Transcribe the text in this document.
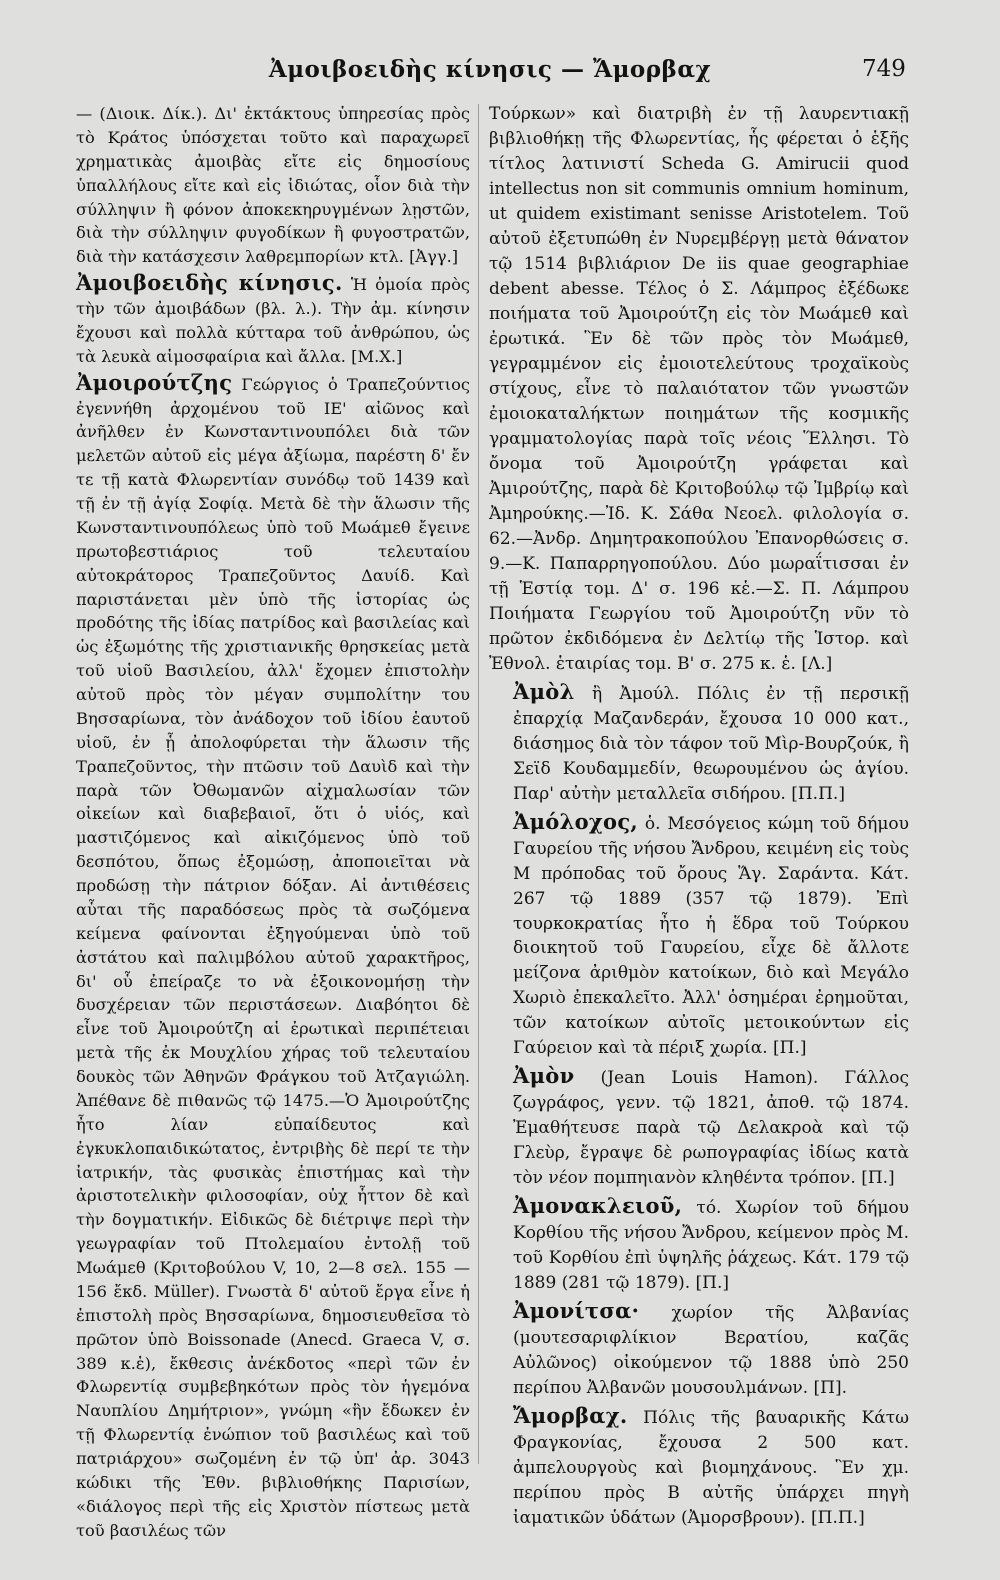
Ἀμοιβοειδὴς κίνησις — Ἄμορβαχ	749

— (Διοικ. Δίκ.). Δι' ἐκτάκτους ὑπηρεσίας πρὸς τὸ Κράτος ὑπόσχεται τοῦτο καὶ παραχωρεῖ χρηματικὰς ἀμοιβὰς εἴτε εἰς δημοσίους ὑπαλλήλους εἴτε καὶ εἰς ἰδιώτας, οἷον διὰ τὴν σύλληψιν ἢ φόνον ἀποκεκηρυγμένων λῃστῶν, διὰ τὴν σύλληψιν φυγοδίκων ἢ φυγοστρατῶν, διὰ τὴν κατάσχεσιν λαθρεμπορίων κτλ. [Ἀγγ.]

Ἀμοιβοειδὴς κίνησις. Ἡ ὁμοία πρὸς τὴν τῶν ἀμοιβάδων (βλ. λ.). Τὴν ἀμ. κίνησιν ἔχουσι καὶ πολλὰ κύτταρα τοῦ ἀνθρώπου, ὡς τὰ λευκὰ αἱμοσφαίρια καὶ ἄλλα. [Μ.Χ.]

Ἀμοιρούτζης Γεώργιος ὁ Τραπεζούντιος ἐγεννήθη ἀρχομένου τοῦ ΙΕ' αἰῶνος καὶ ἀνῆλθεν ἐν Κωνσταντινουπόλει διὰ τῶν μελετῶν αὐτοῦ εἰς μέγα ἀξίωμα, παρέστη δ' ἔν τε τῇ κατὰ Φλωρεντίαν συνόδῳ τοῦ 1439 καὶ τῇ ἐν τῇ ἁγίᾳ Σοφίᾳ. Μετὰ δὲ τὴν ἅλωσιν τῆς Κωνσταντινουπόλεως ὑπὸ τοῦ Μωάμεθ ἔγεινε πρωτοβεστιάριος τοῦ τελευταίου αὐτοκράτορος Τραπεζοῦντος Δαυίδ. Καὶ παριστάνεται μὲν ὑπὸ τῆς ἱστορίας ὡς προδότης τῆς ἰδίας πατρίδος καὶ βασιλείας καὶ ὡς ἐξωμότης τῆς χριστιανικῆς θρησκείας μετὰ τοῦ υἱοῦ Βασιλείου, ἀλλ' ἔχομεν ἐπιστολὴν αὐτοῦ πρὸς τὸν μέγαν συμπολίτην του Βησσαρίωνα, τὸν ἀνάδοχον τοῦ ἰδίου ἑαυτοῦ υἱοῦ, ἐν ᾗ ἀπολοφύρεται τὴν ἅλωσιν τῆς Τραπεζοῦντος, τὴν πτῶσιν τοῦ Δαυὶδ καὶ τὴν παρὰ τῶν Ὀθωμανῶν αἰχμαλωσίαν τῶν οἰκείων καὶ διαβεβαιοῖ, ὅτι ὁ υἱός, καὶ μαστιζόμενος καὶ αἰκιζόμενος ὑπὸ τοῦ δεσπότου, ὅπως ἐξομώσῃ, ἀποποιεῖται νὰ προδώσῃ τὴν πάτριον δόξαν. Αἱ ἀντιθέσεις αὗται τῆς παραδόσεως πρὸς τὰ σωζόμενα κείμενα φαίνονται ἐξηγούμεναι ὑπὸ τοῦ ἀστάτου καὶ παλιμβόλου αὐτοῦ χαρακτῆρος, δι' οὗ ἐπείραζε το νὰ ἐξοικονομήσῃ τὴν δυσχέρειαν τῶν περιστάσεων. Διαβόητοι δὲ εἶνε τοῦ Ἀμοιρούτζη αἱ ἐρωτικαὶ περιπέτειαι μετὰ τῆς ἐκ Μουχλίου χήρας τοῦ τελευταίου δουκὸς τῶν Ἀθηνῶν Φράγκου τοῦ Ἀτζαγιώλη. Ἀπέθανε δὲ πιθανῶς τῷ 1475.—Ὁ Ἀμοιρούτζης ἦτο λίαν εὐπαίδευτος καὶ ἐγκυκλοπαιδικώτατος, ἐντριβὴς δὲ περί τε τὴν ἰατρικήν, τὰς φυσικὰς ἐπιστήμας καὶ τὴν ἀριστοτελικὴν φιλοσοφίαν, οὐχ ἧττον δὲ καὶ τὴν δογματικήν. Εἰδικῶς δὲ διέτριψε περὶ τὴν γεωγραφίαν τοῦ Πτολεμαίου ἐντολῇ τοῦ Μωάμεθ (Κριτοβούλου V, 10, 2—8 σελ. 155 — 156 ἔκδ. Müller). Γνωστὰ δ' αὐτοῦ ἔργα εἶνε ἡ ἐπιστολὴ πρὸς Βησσαρίωνα, δημοσιευθεῖσα τὸ πρῶτον ὑπὸ Boissonade (Anecd. Graeca V, σ. 389 κ.ἑ), ἔκθεσις ἀνέκδοτος «περὶ τῶν ἐν Φλωρεντίᾳ συμβεβηκότων πρὸς τὸν ἡγεμόνα Ναυπλίου Δημήτριον», γνώμη «ἣν ἔδωκεν ἐν τῇ Φλωρεντίᾳ ἐνώπιον τοῦ βασιλέως καὶ τοῦ πατριάρχου» σωζομένη ἐν τῷ ὑπ' ἀρ. 3043 κώδικι τῆς Ἐθν. βιβλιοθήκης Παρισίων, «διάλογος περὶ τῆς εἰς Χριστὸν πίστεως μετὰ τοῦ βασιλέως τῶν

Τούρκων» καὶ διατριβὴ ἐν τῇ λαυρεντιακῇ βιβλιοθήκῃ τῆς Φλωρεντίας, ἧς φέρεται ὁ ἑξῆς τίτλος λατινιστί Scheda G. Amirucii quod intellectus non sit communis omnium hominum, ut quidem existimant senisse Aristotelem. Τοῦ αὐτοῦ ἐξετυπώθη ἐν Νυρεμβέργῃ μετὰ θάνατον τῷ 1514 βιβλιάριον De iis quae geographiae debent abesse. Τέλος ὁ Σ. Λάμπρος ἐξέδωκε ποιήματα τοῦ Ἀμοιρούτζη εἰς τὸν Μωάμεθ καὶ ἐρωτικά. Ἓν δὲ τῶν πρὸς τὸν Μωάμεθ, γεγραμμένον εἰς ἐμοιοτελεύτους τροχαϊκοὺς στίχους, εἶνε τὸ παλαιότατον τῶν γνωστῶν ἐμοιοκαταλήκτων ποιημάτων τῆς κοσμικῆς γραμματολογίας παρὰ τοῖς νέοις Ἕλλησι. Τὸ ὄνομα τοῦ Ἀμοιρούτζη γράφεται καὶ Ἀμιρούτζης, παρὰ δὲ Κριτοβούλῳ τῷ Ἰμβρίῳ καὶ Ἀμηρούκης.—Ἰδ. Κ. Σάθα Νεοελ. φιλολογία σ. 62.—Ἀνδρ. Δημητρακοπούλου Ἐπανορθώσεις σ. 9.—Κ. Παπαρρηγοπούλου. Δύο μωραΐτισσαι ἐν τῇ Ἑστίᾳ τομ. Δ' σ. 196 κἑ.—Σ. Π. Λάμπρου Ποιήματα Γεωργίου τοῦ Ἀμοιρούτζη νῦν τὸ πρῶτον ἐκδιδόμενα ἐν Δελτίῳ τῆς Ἱστορ. καὶ Ἐθνολ. ἑταιρίας τομ. Β' σ. 275 κ. ἑ. [Λ.]

Ἀμὸλ ἢ Ἀμούλ. Πόλις ἐν τῇ περσικῇ ἐπαρχίᾳ Μαζανδεράν, ἔχουσα 10 000 κατ., διάσημος διὰ τὸν τάφον τοῦ Μὶρ-Βουρζούκ, ἢ Σεϊδ Κουδαμμεδίν, θεωρουμένου ὡς ἁγίου. Παρ' αὐτὴν μεταλλεῖα σιδήρου. [Π.Π.]

Ἀμόλοχος, ὁ. Μεσόγειος κώμη τοῦ δήμου Γαυρείου τῆς νήσου Ἄνδρου, κειμένη εἰς τοὺς Μ πρόποδας τοῦ ὄρους Ἅγ. Σαράντα. Κάτ. 267 τῷ 1889 (357 τῷ 1879). Ἐπὶ τουρκοκρατίας ἦτο ἡ ἕδρα τοῦ Τούρκου διοικητοῦ τοῦ Γαυρείου, εἶχε δὲ ἄλλοτε μείζονα ἀριθμὸν κατοίκων, διὸ καὶ Μεγάλο Χωριὸ ἐπεκαλεῖτο. Ἀλλ' ὁσημέραι ἐρημοῦται, τῶν κατοίκων αὐτοῖς μετοικούντων εἰς Γαύρειον καὶ τὰ πέριξ χωρία. [Π.]

Ἀμὸν (Jean Louis Hamon). Γάλλος ζωγράφος, γενν. τῷ 1821, ἀποθ. τῷ 1874. Ἐμαθήτευσε παρὰ τῷ Δελακροὰ καὶ τῷ Γλεὺρ, ἔγραψε δὲ ρωπογραφίας ἰδίως κατὰ τὸν νέον πομπηιανὸν κληθέντα τρόπον. [Π.]

Ἀμονακλειοῦ, τό. Χωρίον τοῦ δήμου Κορθίου τῆς νήσου Ἄνδρου, κείμενον πρὸς Μ. τοῦ Κορθίου ἐπὶ ὑψηλῆς ῥάχεως. Κάτ. 179 τῷ 1889 (281 τῷ 1879). [Π.]

Ἀμονίτσα· χωρίον τῆς Ἀλβανίας (μουτεσαριφλίκιον Βερατίου, καζᾶς Αὐλῶνος) οἰκούμενον τῷ 1888 ὑπὸ 250 περίπου Ἀλβανῶν μουσουλμάνων. [Π].

Ἄμορβαχ. Πόλις τῆς βαυαρικῆς Κάτω Φραγκονίας, ἔχουσα 2 500 κατ. ἀμπελουργοὺς καὶ βιομηχάνους. Ἓν χμ. περίπου πρὸς Β αὐτῆς ὑπάρχει πηγὴ ἰαματικῶν ὑδάτων (Ἀμορσβρουν). [Π.Π.]
